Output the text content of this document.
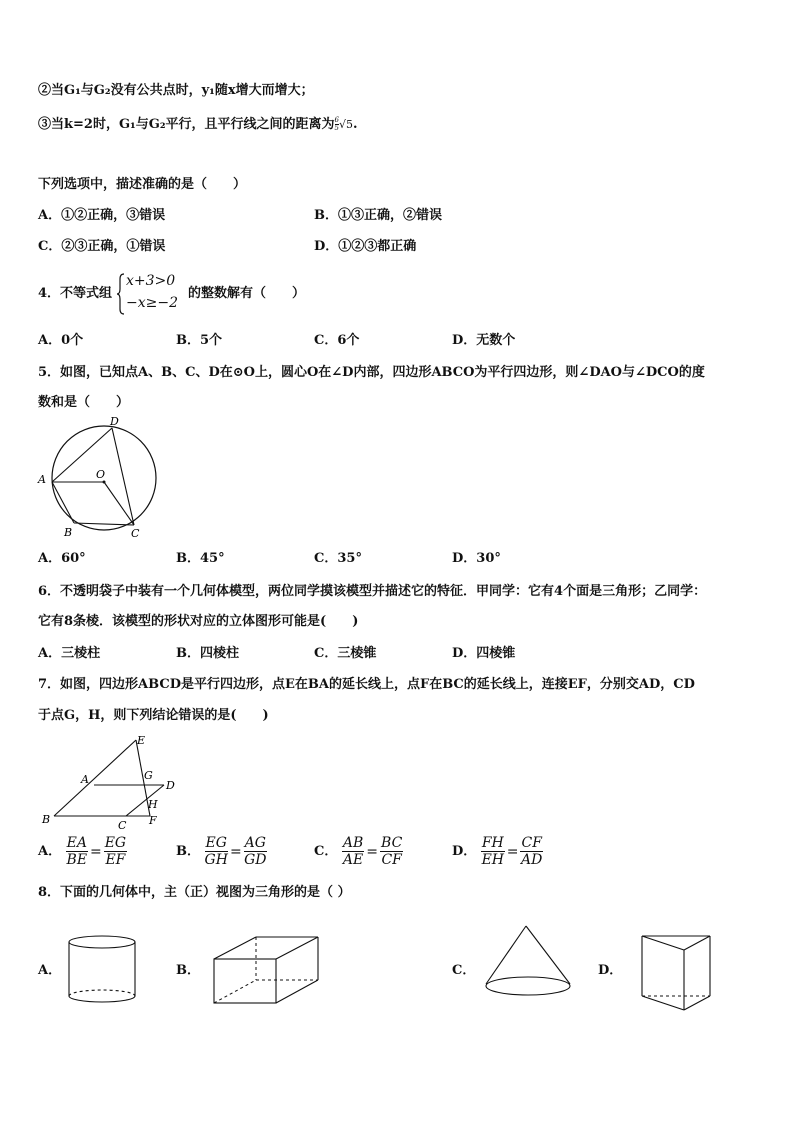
②当G₁与G₂没有公共点时，y₁随x增大而增大；
③当k=2时，G₁与G₂平行，且平行线之间的距离为 $\frac{6}{5} √5$.
下列选项中，描述准确的是（　　）
A．①②正确，③错误	B．①③正确，②错误
C．②③正确，①错误	D．①②③都正确
4．不等式组
x+3>0
−x≥−2
的整数解有（　　）
A．0个	B．5个	C．6个	D．无数个
5．如图，已知点A、B、C、D在⊙O上，圆心O在∠D内部，四边形ABCO为平行四边形，则∠DAO与∠DCO的度
数和是（　　）
D
A	O
B	C
A．60°	B．45°	C．35°	D．30°
6．不透明袋子中装有一个几何体模型，两位同学摸该模型并描述它的特征．甲同学：它有4个面是三角形；乙同学：
它有8条棱．该模型的形状对应的立体图形可能是(　　)
A．三棱柱	B．四棱柱	C．三棱锥	D．四棱锥
7．如图，四边形ABCD是平行四边形，点E在BA的延长线上，点F在BC的延长线上，连接EF，分别交AD，CD
于点G，H，则下列结论错误的是(　　)
E
A	G
D
H
B	C F
A． $\frac{EA}{BE} = \frac{EG}{EF}$	B． $\frac{EG}{GH} = \frac{AG}{GD}$	C． $\frac{AB}{AE} = \frac{BC}{CF}$	D． $\frac{FH}{EH} = \frac{CF}{AD}$
8．下面的几何体中，主（正）视图为三角形的是（ ）
A．	B．	C．	D．
